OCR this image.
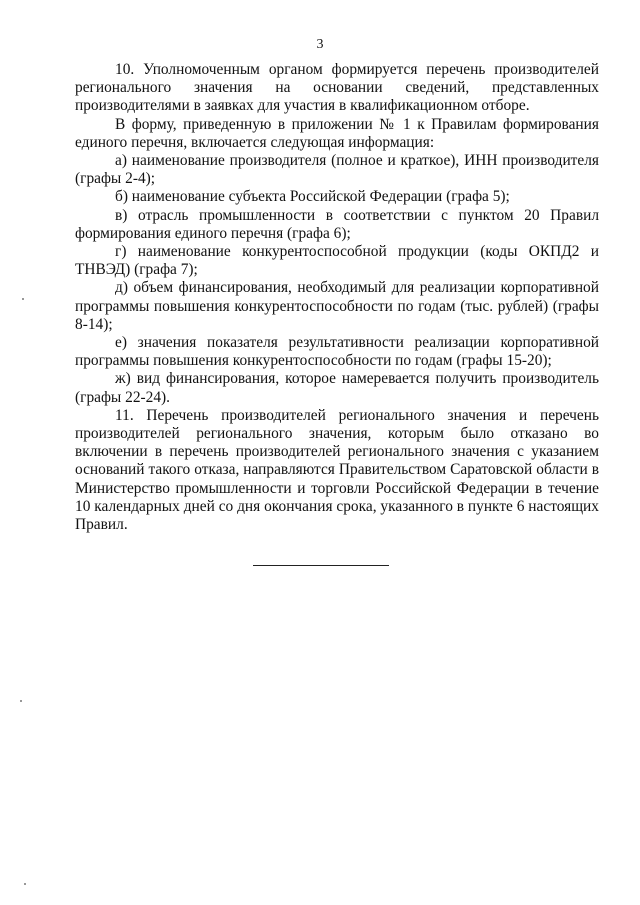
3

10. Уполномоченным органом формируется перечень производителей регионального значения на основании сведений, представленных производителями в заявках для участия в квалификационном отборе.

В форму, приведенную в приложении № 1 к Правилам формирования единого перечня, включается следующая информация:

а) наименование производителя (полное и краткое), ИНН производителя (графы 2-4);

б) наименование субъекта Российской Федерации (графа 5);

в) отрасль промышленности в соответствии с пунктом 20 Правил формирования единого перечня (графа 6);

г) наименование конкурентоспособной продукции (коды ОКПД2 и ТНВЭД) (графа 7);

д) объем финансирования, необходимый для реализации корпоративной программы повышения конкурентоспособности по годам (тыс. рублей) (графы 8-14);

е) значения показателя результативности реализации корпоративной программы повышения конкурентоспособности по годам (графы 15-20);

ж) вид финансирования, которое намеревается получить производитель (графы 22-24).

11. Перечень производителей регионального значения и перечень производителей регионального значения, которым было отказано во включении в перечень производителей регионального значения с указанием оснований такого отказа, направляются Правительством Саратовской области в Министерство промышленности и торговли Российской Федерации в течение 10 календарных дней со дня окончания срока, указанного в пункте 6 настоящих Правил.
